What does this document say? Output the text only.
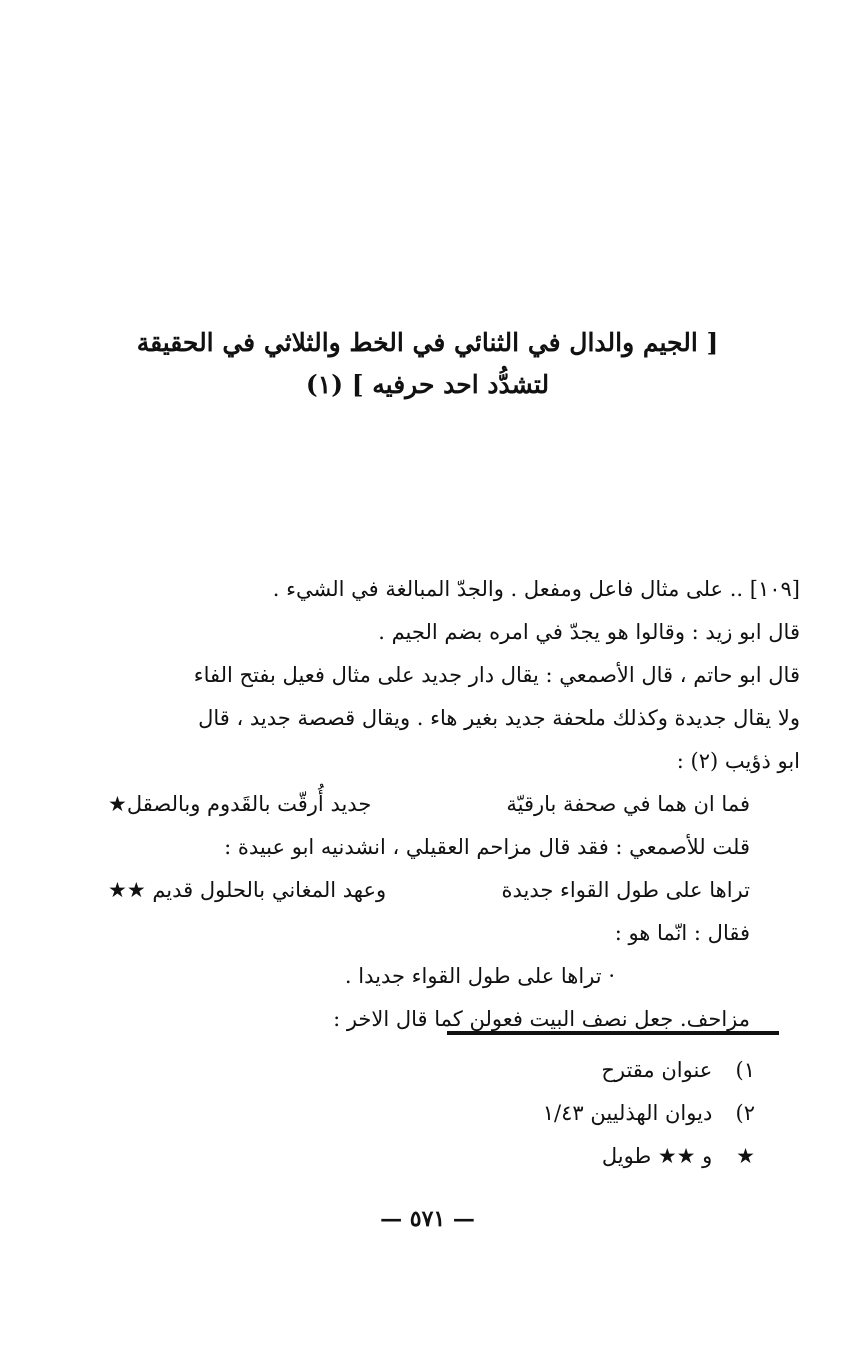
[ الجيم والدال في الثنائي في الخط والثلاثي في الحقيقة
لتشدُّد احد حرفيه ] (١)
[١٠٩] .. على مثال فاعل ومفعل . والجدّ المبالغة في الشيء .
قال ابو زيد : وقالوا هو يجدّ في امره بضم الجيم .
قال ابو حاتم ، قال الأصمعي : يقال دار جديد على مثال فعيل بفتح الفاء
ولا يقال جديدة وكذلك ملحفة جديد بغير هاء . ويقال قصصة جديد ، قال
ابو ذؤيب (٢) :
فما ان هما في صحفة بارقيّة
جديد أُرقّت بالقَدوم وبالصقل★
قلت للأصمعي : فقد قال مزاحم العقيلي ، انشدنيه ابو عبيدة :
تراها على طول القواء جديدة
وعهد المغاني بالحلول قديم ★★
فقال : انّما هو :
· تراها على طول القواء جديدا .
مزاحف. جعل نصف البيت فعولن كما قال الاخر :
١) عنوان مقترح
٢) ديوان الهذليين ١/٤٣
★ و ★★ طويل
— ٥٧١ —
